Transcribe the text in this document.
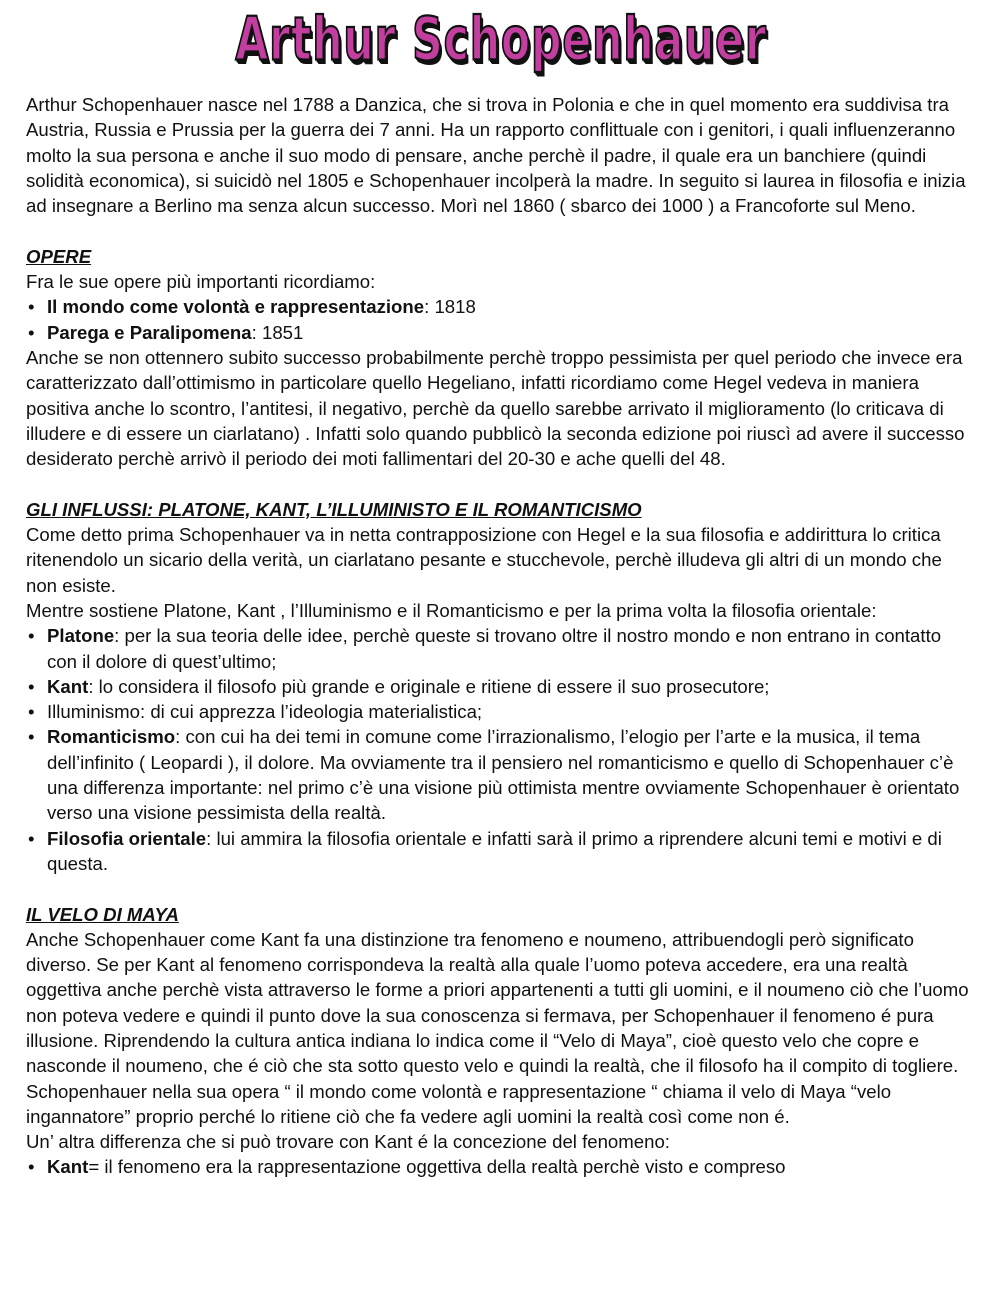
Arthur Schopenhauer

Arthur Schopenhauer nasce nel 1788 a Danzica, che si trova in Polonia e che in quel momento era suddivisa tra Austria, Russia e Prussia per la guerra dei 7 anni. Ha un rapporto conflittuale con i genitori, i quali influenzeranno molto la sua persona e anche il suo modo di pensare, anche perchè il padre, il quale era un banchiere (quindi solidità economica), si suicidò nel 1805 e Schopenhauer incolperà la madre. In seguito si laurea in filosofia e inizia ad insegnare a Berlino ma senza alcun successo. Morì nel 1860 ( sbarco dei 1000 ) a Francoforte sul Meno.

OPERE

Fra le sue opere più importanti ricordiamo:

• Il mondo come volontà e rappresentazione: 1818
• Parega e Paralipomena: 1851

Anche se non ottennero subito successo probabilmente perchè troppo pessimista per quel periodo che invece era caratterizzato dall’ottimismo in particolare quello Hegeliano, infatti ricordiamo come Hegel vedeva in maniera positiva anche lo scontro, l’antitesi, il negativo, perchè da quello sarebbe arrivato il miglioramento (lo criticava di illudere e di essere un ciarlatano) . Infatti solo quando pubblicò la seconda edizione poi riuscì ad avere il successo desiderato perchè arrivò il periodo dei moti fallimentari del 20-30 e ache quelli del 48.

GLI INFLUSSI: PLATONE, KANT, L’ILLUMINISTO E IL ROMANTICISMO

Come detto prima Schopenhauer va in netta contrapposizione con Hegel e la sua filosofia e addirittura lo critica ritenendolo un sicario della verità, un ciarlatano pesante e stucchevole, perchè illudeva gli altri di un mondo che non esiste.

Mentre sostiene Platone, Kant , l’Illuminismo e il Romanticismo e per la prima volta la filosofia orientale:

• Platone: per la sua teoria delle idee, perchè queste si trovano oltre il nostro mondo e non entrano in contatto con il dolore di quest’ultimo;
• Kant: lo considera il filosofo più grande e originale e ritiene di essere il suo prosecutore;
• Illuminismo: di cui apprezza l’ideologia materialistica;
• Romanticismo: con cui ha dei temi in comune come l’irrazionalismo, l’elogio per l’arte e la musica, il tema dell’infinito ( Leopardi ), il dolore. Ma ovviamente tra il pensiero nel romanticismo e quello di Schopenhauer c’è una differenza importante: nel primo c’è una visione più ottimista mentre ovviamente Schopenhauer è orientato verso una visione pessimista della realtà.
• Filosofia orientale: lui ammira la filosofia orientale e infatti sarà il primo a riprendere alcuni temi e motivi e di questa.

IL VELO DI MAYA

Anche Schopenhauer come Kant fa una distinzione tra fenomeno e noumeno, attribuendogli però significato diverso. Se per Kant al fenomeno corrispondeva la realtà alla quale l’uomo poteva accedere, era una realtà oggettiva anche perchè vista attraverso le forme a priori appartenenti a tutti gli uomini, e il noumeno ciò che l’uomo non poteva vedere e quindi il punto dove la sua conoscenza si fermava, per Schopenhauer il fenomeno é pura illusione. Riprendendo la cultura antica indiana lo indica come il “Velo di Maya”, cioè questo velo che copre e nasconde il noumeno, che é ciò che sta sotto questo velo e quindi la realtà, che il filosofo ha il compito di togliere.

Schopenhauer nella sua opera “ il mondo come volontà e rappresentazione “ chiama il velo di Maya “velo ingannatore” proprio perché lo ritiene ciò che fa vedere agli uomini la realtà così come non é.

Un’ altra differenza che si può trovare con Kant é la concezione del fenomeno:

• Kant= il fenomeno era la rappresentazione oggettiva della realtà perchè visto e compreso
